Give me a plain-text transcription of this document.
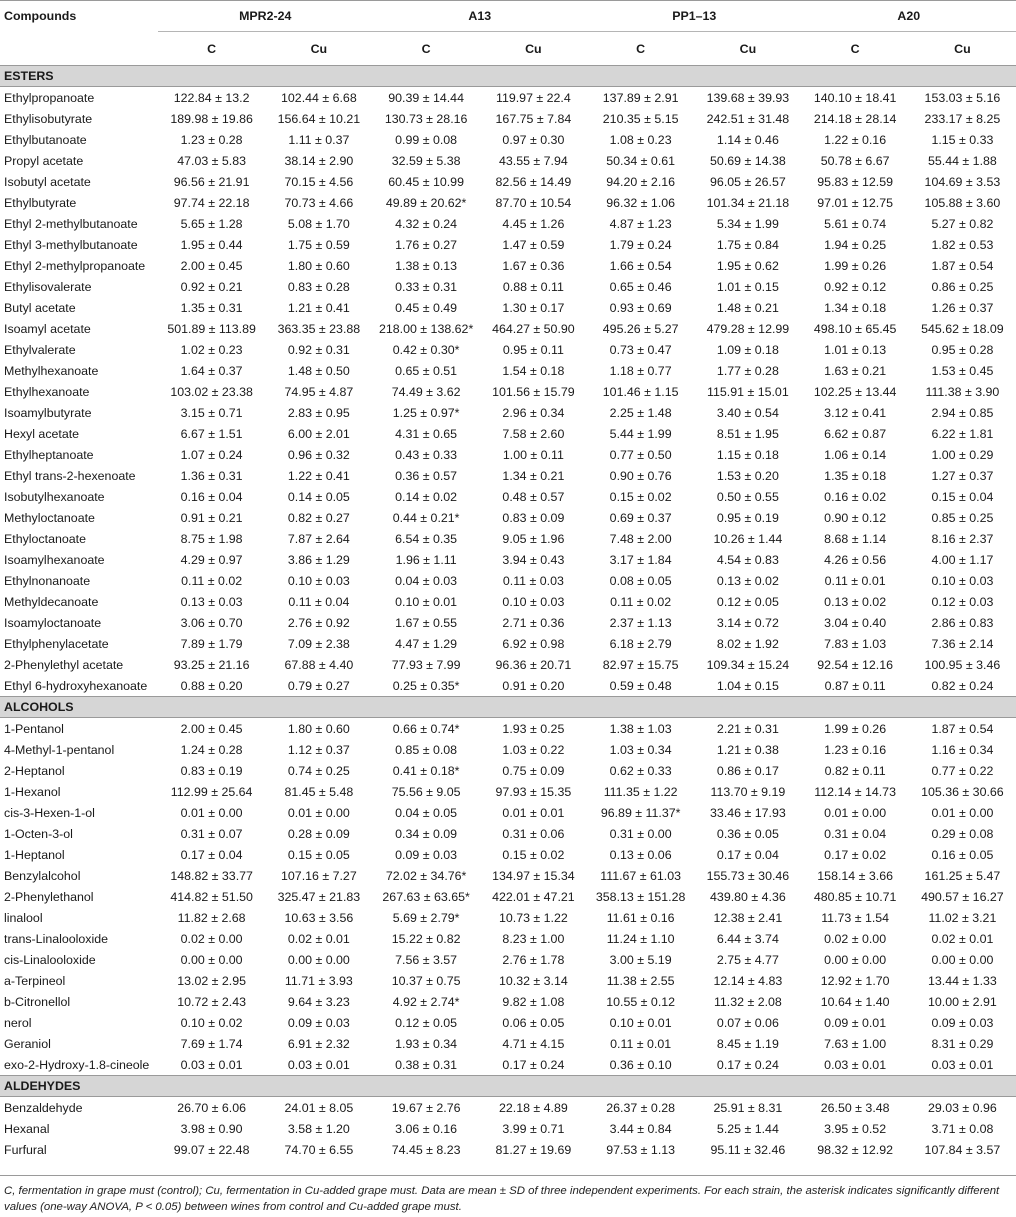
Compounds	MPR2-24		A13		PP1–13		A20	
	C	Cu	C	Cu	C	Cu	C	Cu
ESTERS								
Ethylpropanoate	122.84 ± 13.2	102.44 ± 6.68	90.39 ± 14.44	119.97 ± 22.4	137.89 ± 2.91	139.68 ± 39.93	140.10 ± 18.41	153.03 ± 5.16
Ethylisobutyrate	189.98 ± 19.86	156.64 ± 10.21	130.73 ± 28.16	167.75 ± 7.84	210.35 ± 5.15	242.51 ± 31.48	214.18 ± 28.14	233.17 ± 8.25
Ethylbutanoate	1.23 ± 0.28	1.11 ± 0.37	0.99 ± 0.08	0.97 ± 0.30	1.08 ± 0.23	1.14 ± 0.46	1.22 ± 0.16	1.15 ± 0.33
Propyl acetate	47.03 ± 5.83	38.14 ± 2.90	32.59 ± 5.38	43.55 ± 7.94	50.34 ± 0.61	50.69 ± 14.38	50.78 ± 6.67	55.44 ± 1.88
Isobutyl acetate	96.56 ± 21.91	70.15 ± 4.56	60.45 ± 10.99	82.56 ± 14.49	94.20 ± 2.16	96.05 ± 26.57	95.83 ± 12.59	104.69 ± 3.53
Ethylbutyrate	97.74 ± 22.18	70.73 ± 4.66	49.89 ± 20.62*	87.70 ± 10.54	96.32 ± 1.06	101.34 ± 21.18	97.01 ± 12.75	105.88 ± 3.60
Ethyl 2-methylbutanoate	5.65 ± 1.28	5.08 ± 1.70	4.32 ± 0.24	4.45 ± 1.26	4.87 ± 1.23	5.34 ± 1.99	5.61 ± 0.74	5.27 ± 0.82
Ethyl 3-methylbutanoate	1.95 ± 0.44	1.75 ± 0.59	1.76 ± 0.27	1.47 ± 0.59	1.79 ± 0.24	1.75 ± 0.84	1.94 ± 0.25	1.82 ± 0.53
Ethyl 2-methylpropanoate	2.00 ± 0.45	1.80 ± 0.60	1.38 ± 0.13	1.67 ± 0.36	1.66 ± 0.54	1.95 ± 0.62	1.99 ± 0.26	1.87 ± 0.54
Ethylisovalerate	0.92 ± 0.21	0.83 ± 0.28	0.33 ± 0.31	0.88 ± 0.11	0.65 ± 0.46	1.01 ± 0.15	0.92 ± 0.12	0.86 ± 0.25
Butyl acetate	1.35 ± 0.31	1.21 ± 0.41	0.45 ± 0.49	1.30 ± 0.17	0.93 ± 0.69	1.48 ± 0.21	1.34 ± 0.18	1.26 ± 0.37
Isoamyl acetate	501.89 ± 113.89	363.35 ± 23.88	218.00 ± 138.62*	464.27 ± 50.90	495.26 ± 5.27	479.28 ± 12.99	498.10 ± 65.45	545.62 ± 18.09
Ethylvalerate	1.02 ± 0.23	0.92 ± 0.31	0.42 ± 0.30*	0.95 ± 0.11	0.73 ± 0.47	1.09 ± 0.18	1.01 ± 0.13	0.95 ± 0.28
Methylhexanoate	1.64 ± 0.37	1.48 ± 0.50	0.65 ± 0.51	1.54 ± 0.18	1.18 ± 0.77	1.77 ± 0.28	1.63 ± 0.21	1.53 ± 0.45
Ethylhexanoate	103.02 ± 23.38	74.95 ± 4.87	74.49 ± 3.62	101.56 ± 15.79	101.46 ± 1.15	115.91 ± 15.01	102.25 ± 13.44	111.38 ± 3.90
Isoamylbutyrate	3.15 ± 0.71	2.83 ± 0.95	1.25 ± 0.97*	2.96 ± 0.34	2.25 ± 1.48	3.40 ± 0.54	3.12 ± 0.41	2.94 ± 0.85
Hexyl acetate	6.67 ± 1.51	6.00 ± 2.01	4.31 ± 0.65	7.58 ± 2.60	5.44 ± 1.99	8.51 ± 1.95	6.62 ± 0.87	6.22 ± 1.81
Ethylheptanoate	1.07 ± 0.24	0.96 ± 0.32	0.43 ± 0.33	1.00 ± 0.11	0.77 ± 0.50	1.15 ± 0.18	1.06 ± 0.14	1.00 ± 0.29
Ethyl trans-2-hexenoate	1.36 ± 0.31	1.22 ± 0.41	0.36 ± 0.57	1.34 ± 0.21	0.90 ± 0.76	1.53 ± 0.20	1.35 ± 0.18	1.27 ± 0.37
Isobutylhexanoate	0.16 ± 0.04	0.14 ± 0.05	0.14 ± 0.02	0.48 ± 0.57	0.15 ± 0.02	0.50 ± 0.55	0.16 ± 0.02	0.15 ± 0.04
Methyloctanoate	0.91 ± 0.21	0.82 ± 0.27	0.44 ± 0.21*	0.83 ± 0.09	0.69 ± 0.37	0.95 ± 0.19	0.90 ± 0.12	0.85 ± 0.25
Ethyloctanoate	8.75 ± 1.98	7.87 ± 2.64	6.54 ± 0.35	9.05 ± 1.96	7.48 ± 2.00	10.26 ± 1.44	8.68 ± 1.14	8.16 ± 2.37
Isoamylhexanoate	4.29 ± 0.97	3.86 ± 1.29	1.96 ± 1.11	3.94 ± 0.43	3.17 ± 1.84	4.54 ± 0.83	4.26 ± 0.56	4.00 ± 1.17
Ethylnonanoate	0.11 ± 0.02	0.10 ± 0.03	0.04 ± 0.03	0.11 ± 0.03	0.08 ± 0.05	0.13 ± 0.02	0.11 ± 0.01	0.10 ± 0.03
Methyldecanoate	0.13 ± 0.03	0.11 ± 0.04	0.10 ± 0.01	0.10 ± 0.03	0.11 ± 0.02	0.12 ± 0.05	0.13 ± 0.02	0.12 ± 0.03
Isoamyloctanoate	3.06 ± 0.70	2.76 ± 0.92	1.67 ± 0.55	2.71 ± 0.36	2.37 ± 1.13	3.14 ± 0.72	3.04 ± 0.40	2.86 ± 0.83
Ethylphenylacetate	7.89 ± 1.79	7.09 ± 2.38	4.47 ± 1.29	6.92 ± 0.98	6.18 ± 2.79	8.02 ± 1.92	7.83 ± 1.03	7.36 ± 2.14
2-Phenylethyl acetate	93.25 ± 21.16	67.88 ± 4.40	77.93 ± 7.99	96.36 ± 20.71	82.97 ± 15.75	109.34 ± 15.24	92.54 ± 12.16	100.95 ± 3.46
Ethyl 6-hydroxyhexanoate	0.88 ± 0.20	0.79 ± 0.27	0.25 ± 0.35*	0.91 ± 0.20	0.59 ± 0.48	1.04 ± 0.15	0.87 ± 0.11	0.82 ± 0.24
ALCOHOLS								
1-Pentanol	2.00 ± 0.45	1.80 ± 0.60	0.66 ± 0.74*	1.93 ± 0.25	1.38 ± 1.03	2.21 ± 0.31	1.99 ± 0.26	1.87 ± 0.54
4-Methyl-1-pentanol	1.24 ± 0.28	1.12 ± 0.37	0.85 ± 0.08	1.03 ± 0.22	1.03 ± 0.34	1.21 ± 0.38	1.23 ± 0.16	1.16 ± 0.34
2-Heptanol	0.83 ± 0.19	0.74 ± 0.25	0.41 ± 0.18*	0.75 ± 0.09	0.62 ± 0.33	0.86 ± 0.17	0.82 ± 0.11	0.77 ± 0.22
1-Hexanol	112.99 ± 25.64	81.45 ± 5.48	75.56 ± 9.05	97.93 ± 15.35	111.35 ± 1.22	113.70 ± 9.19	112.14 ± 14.73	105.36 ± 30.66
cis-3-Hexen-1-ol	0.01 ± 0.00	0.01 ± 0.00	0.04 ± 0.05	0.01 ± 0.01	96.89 ± 11.37*	33.46 ± 17.93	0.01 ± 0.00	0.01 ± 0.00
1-Octen-3-ol	0.31 ± 0.07	0.28 ± 0.09	0.34 ± 0.09	0.31 ± 0.06	0.31 ± 0.00	0.36 ± 0.05	0.31 ± 0.04	0.29 ± 0.08
1-Heptanol	0.17 ± 0.04	0.15 ± 0.05	0.09 ± 0.03	0.15 ± 0.02	0.13 ± 0.06	0.17 ± 0.04	0.17 ± 0.02	0.16 ± 0.05
Benzylalcohol	148.82 ± 33.77	107.16 ± 7.27	72.02 ± 34.76*	134.97 ± 15.34	111.67 ± 61.03	155.73 ± 30.46	158.14 ± 3.66	161.25 ± 5.47
2-Phenylethanol	414.82 ± 51.50	325.47 ± 21.83	267.63 ± 63.65*	422.01 ± 47.21	358.13 ± 151.28	439.80 ± 4.36	480.85 ± 10.71	490.57 ± 16.27
linalool	11.82 ± 2.68	10.63 ± 3.56	5.69 ± 2.79*	10.73 ± 1.22	11.61 ± 0.16	12.38 ± 2.41	11.73 ± 1.54	11.02 ± 3.21
trans-Linalooloxide	0.02 ± 0.00	0.02 ± 0.01	15.22 ± 0.82	8.23 ± 1.00	11.24 ± 1.10	6.44 ± 3.74	0.02 ± 0.00	0.02 ± 0.01
cis-Linalooloxide	0.00 ± 0.00	0.00 ± 0.00	7.56 ± 3.57	2.76 ± 1.78	3.00 ± 5.19	2.75 ± 4.77	0.00 ± 0.00	0.00 ± 0.00
a-Terpineol	13.02 ± 2.95	11.71 ± 3.93	10.37 ± 0.75	10.32 ± 3.14	11.38 ± 2.55	12.14 ± 4.83	12.92 ± 1.70	13.44 ± 1.33
b-Citronellol	10.72 ± 2.43	9.64 ± 3.23	4.92 ± 2.74*	9.82 ± 1.08	10.55 ± 0.12	11.32 ± 2.08	10.64 ± 1.40	10.00 ± 2.91
nerol	0.10 ± 0.02	0.09 ± 0.03	0.12 ± 0.05	0.06 ± 0.05	0.10 ± 0.01	0.07 ± 0.06	0.09 ± 0.01	0.09 ± 0.03
Geraniol	7.69 ± 1.74	6.91 ± 2.32	1.93 ± 0.34	4.71 ± 4.15	0.11 ± 0.01	8.45 ± 1.19	7.63 ± 1.00	8.31 ± 0.29
exo-2-Hydroxy-1.8-cineole	0.03 ± 0.01	0.03 ± 0.01	0.38 ± 0.31	0.17 ± 0.24	0.36 ± 0.10	0.17 ± 0.24	0.03 ± 0.01	0.03 ± 0.01
ALDEHYDES								
Benzaldehyde	26.70 ± 6.06	24.01 ± 8.05	19.67 ± 2.76	22.18 ± 4.89	26.37 ± 0.28	25.91 ± 8.31	26.50 ± 3.48	29.03 ± 0.96
Hexanal	3.98 ± 0.90	3.58 ± 1.20	3.06 ± 0.16	3.99 ± 0.71	3.44 ± 0.84	5.25 ± 1.44	3.95 ± 0.52	3.71 ± 0.08
Furfural	99.07 ± 22.48	74.70 ± 6.55	74.45 ± 8.23	81.27 ± 19.69	97.53 ± 1.13	95.11 ± 32.46	98.32 ± 12.92	107.84 ± 3.57
C, fermentation in grape must (control); Cu, fermentation in Cu-added grape must. Data are mean ± SD of three independent experiments. For each strain, the asterisk indicates significantly different values (one-way ANOVA, P < 0.05) between wines from control and Cu-added grape must.
